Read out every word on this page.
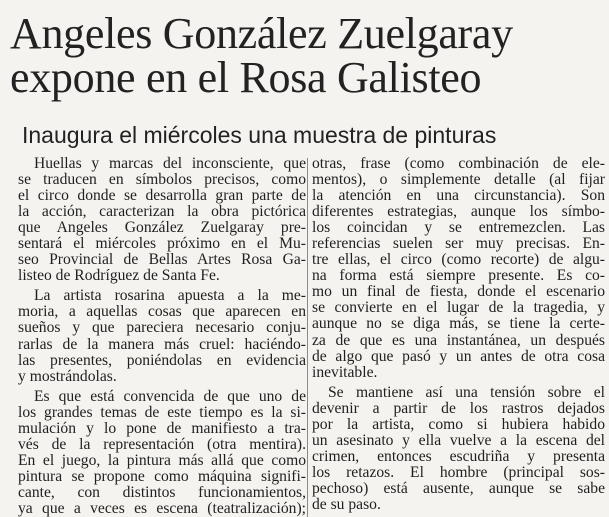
Angeles González Zuelgaray
expone en el Rosa Galisteo
Inaugura el miércoles una muestra de pinturas
Huellas y marcas del inconsciente, que
se traducen en símbolos precisos, como
el circo donde se desarrolla gran parte de
la acción, caracterizan la obra pictórica
que Angeles González Zuelgaray pre-
sentará el miércoles próximo en el Mu-
seo Provincial de Bellas Artes Rosa Ga-
listeo de Rodríguez de Santa Fe.
La artista rosarina apuesta a la me-
moria, a aquellas cosas que aparecen en
sueños y que pareciera necesario conju-
rarlas de la manera más cruel: haciéndo-
las presentes, poniéndolas en evidencia
y mostrándolas.
Es que está convencida de que uno de
los grandes temas de este tiempo es la si-
mulación y lo pone de manifiesto a tra-
vés de la representación (otra mentira).
En el juego, la pintura más allá que como
pintura se propone como máquina signifi-
cante, con distintos funcionamientos,
ya que a veces es escena (teatralización);
otras, frase (como combinación de ele-
mentos), o simplemente detalle (al fijar
la atención en una circunstancia). Son
diferentes estrategias, aunque los símbo-
los coincidan y se entremezclen. Las
referencias suelen ser muy precisas. En-
tre ellas, el circo (como recorte) de algu-
na forma está siempre presente. Es co-
mo un final de fiesta, donde el escenario
se convierte en el lugar de la tragedia, y
aunque no se diga más, se tiene la certe-
za de que es una instantánea, un después
de algo que pasó y un antes de otra cosa
inevitable.
Se mantiene así una tensión sobre el
devenir a partir de los rastros dejados
por la artista, como si hubiera habido
un asesinato y ella vuelve a la escena del
crimen, entonces escudriña y presenta
los retazos. El hombre (principal sos-
pechoso) está ausente, aunque se sabe
de su paso.
